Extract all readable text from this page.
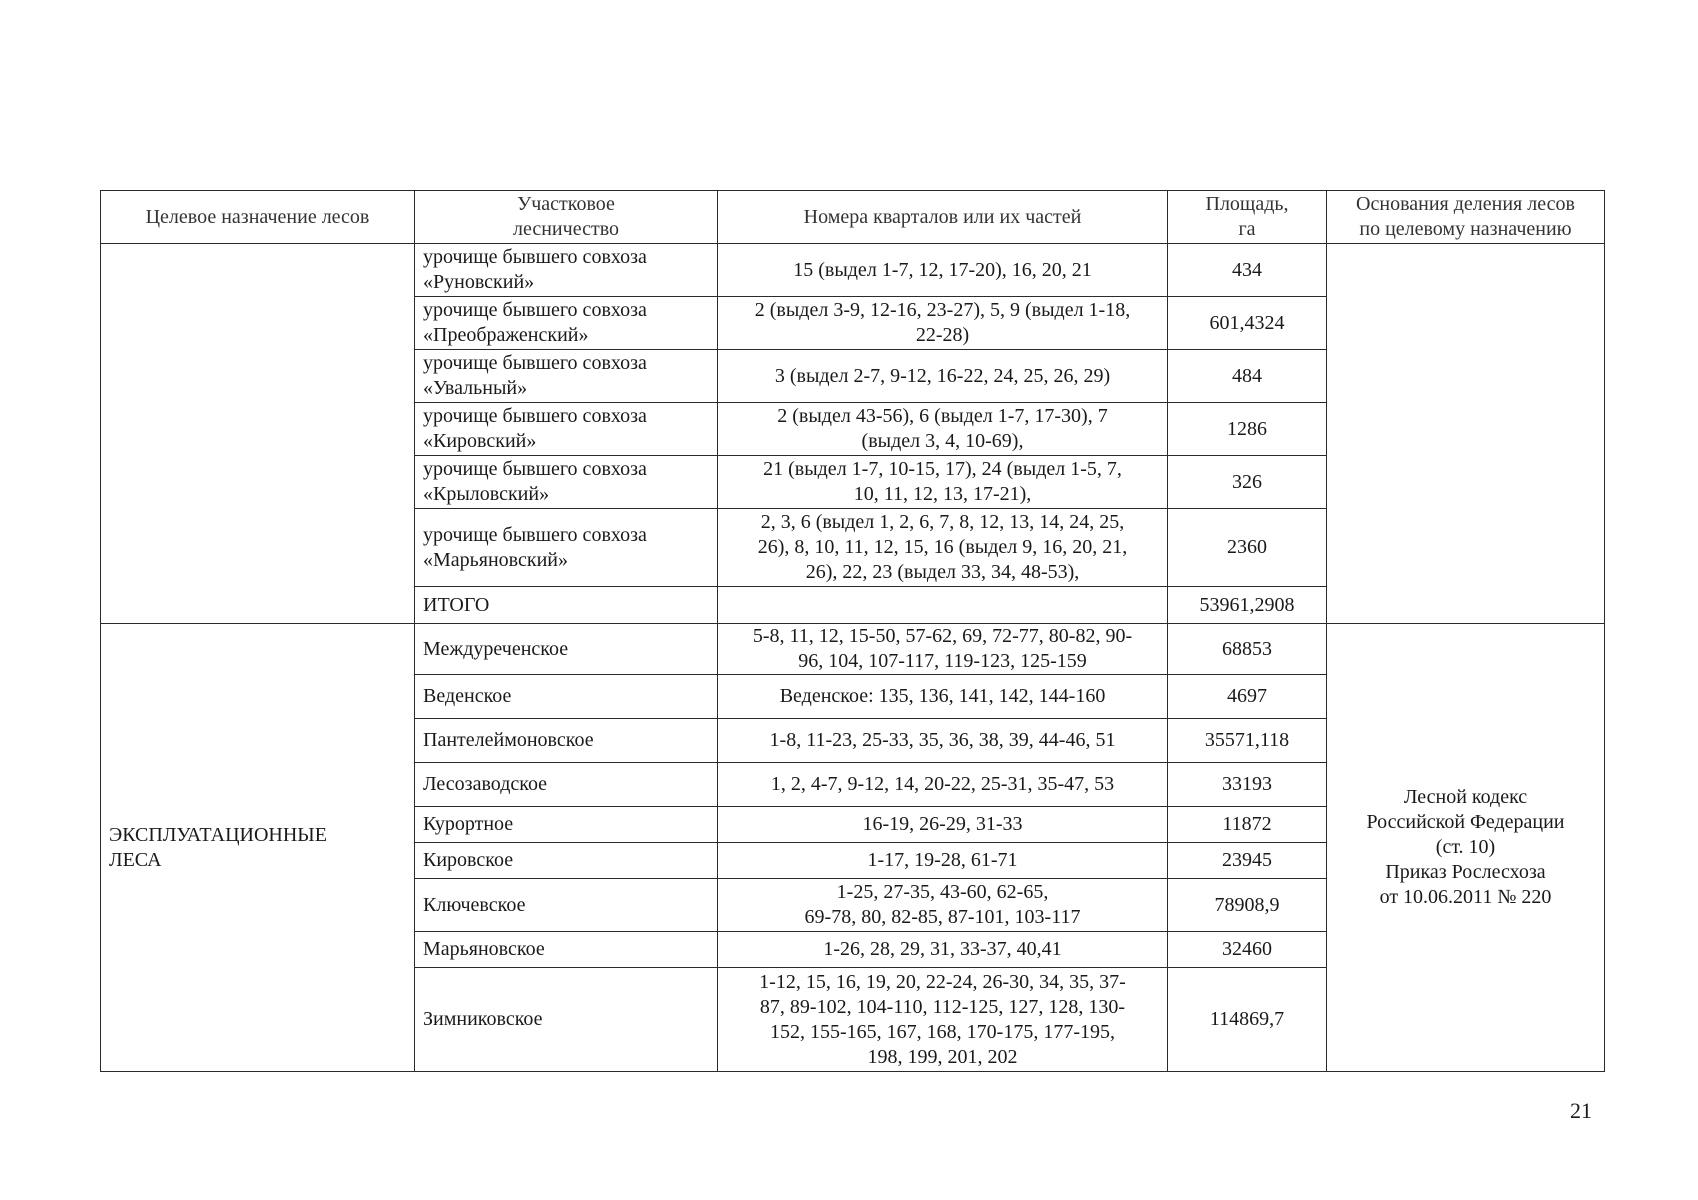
Целевое назначение лесов	Участковое
лесничество	Номера кварталов или их частей	Площадь,
га	Основания деления лесов
по целевому назначению

	урочище бывшего совхоза
«Руновский»	15 (выдел 1-7, 12, 17-20), 16, 20, 21	434	

	урочище бывшего совхоза
«Преображенский»	2 (выдел 3-9, 12-16, 23-27), 5, 9 (выдел 1-18,
22-28)	601,4324	

	урочище бывшего совхоза
«Увальный»	3 (выдел 2-7, 9-12, 16-22, 24, 25, 26, 29)	484	

	урочище бывшего совхоза
«Кировский»	2 (выдел 43-56), 6 (выдел 1-7, 17-30), 7
(выдел 3, 4, 10-69),	1286	

	урочище бывшего совхоза
«Крыловский»	21 (выдел 1-7, 10-15, 17), 24 (выдел 1-5, 7,
10, 11, 12, 13, 17-21),	326	

	урочище бывшего совхоза
«Марьяновский»	2, 3, 6 (выдел 1, 2, 6, 7, 8, 12, 13, 14, 24, 25,
26), 8, 10, 11, 12, 15, 16 (выдел 9, 16, 20, 21,
26), 22, 23 (выдел 33, 34, 48-53),	2360	
	ИТОГО		53961,2908	

ЭКСПЛУАТАЦИОННЫЕ
ЛЕСА	Междуреченское	5-8, 11, 12, 15-50, 57-62, 69, 72-77, 80-82, 90-
96, 104, 107-117, 119-123, 125-159	68853	Лесной кодекс
Российской Федерации
(ст. 10)
Приказ Рослесхоза
от 10.06.2011 № 220

	Веденское	Веденское: 135, 136, 141, 142, 144-160	4697	
	Пантелеймоновское	1-8, 11-23, 25-33, 35, 36, 38, 39, 44-46, 51	35571,118	
	Лесозаводское	1, 2, 4-7, 9-12, 14, 20-22, 25-31, 35-47, 53	33193	
	Курортное	16-19, 26-29, 31-33	11872	
	Кировское	1-17, 19-28, 61-71	23945	
	Ключевское	1-25, 27-35, 43-60, 62-65,
69-78, 80, 82-85, 87-101, 103-117	78908,9	
	Марьяновское	1-26, 28, 29, 31, 33-37, 40,41	32460	
	Зимниковское	1-12, 15, 16, 19, 20, 22-24, 26-30, 34, 35, 37-
87, 89-102, 104-110, 112-125, 127, 128, 130-
152, 155-165, 167, 168, 170-175, 177-195,
198, 199, 201, 202	114869,7	
21
